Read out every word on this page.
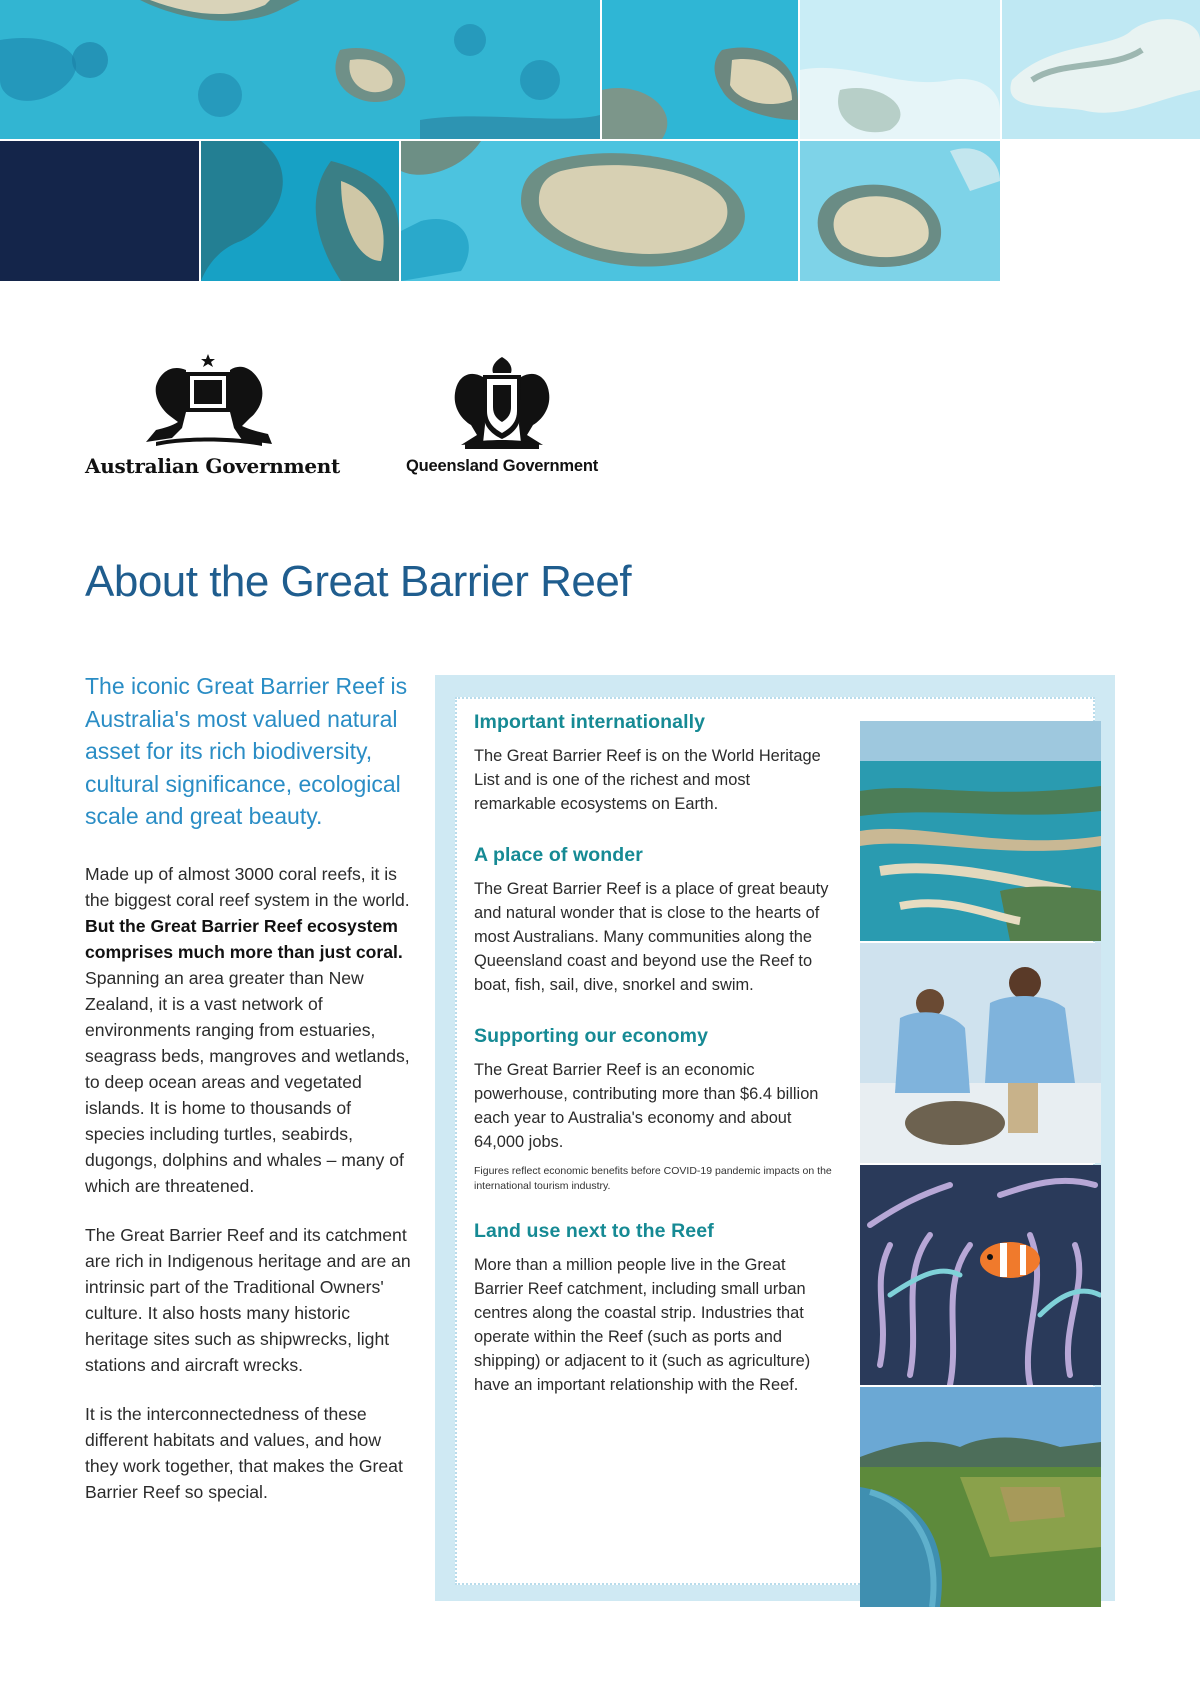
Australian Government	Queensland Government
About the Great Barrier Reef

The iconic Great Barrier Reef is Australia's most valued natural asset for its rich biodiversity, cultural significance, ecological scale and great beauty.

Made up of almost 3000 coral reefs, it is the biggest coral reef system in the world. But the Great Barrier Reef ecosystem comprises much more than just coral. Spanning an area greater than New Zealand, it is a vast network of environments ranging from estuaries, seagrass beds, mangroves and wetlands, to deep ocean areas and vegetated islands. It is home to thousands of species including turtles, seabirds, dugongs, dolphins and whales – many of which are threatened.

The Great Barrier Reef and its catchment are rich in Indigenous heritage and are an intrinsic part of the Traditional Owners' culture. It also hosts many historic heritage sites such as shipwrecks, light stations and aircraft wrecks.

It is the interconnectedness of these different habitats and values, and how they work together, that makes the Great Barrier Reef so special.

Important internationally

The Great Barrier Reef is on the World Heritage List and is one of the richest and most remarkable ecosystems on Earth.

A place of wonder

The Great Barrier Reef is a place of great beauty and natural wonder that is close to the hearts of most Australians. Many communities along the Queensland coast and beyond use the Reef to boat, fish, sail, dive, snorkel and swim.

Supporting our economy

The Great Barrier Reef is an economic powerhouse, contributing more than $6.4 billion each year to Australia's economy and about 64,000 jobs.

Figures reflect economic benefits before COVID-19 pandemic impacts on the international tourism industry.

Land use next to the Reef

More than a million people live in the Great Barrier Reef catchment, including small urban centres along the coastal strip. Industries that operate within the Reef (such as ports and shipping) or adjacent to it (such as agriculture) have an important relationship with the Reef.
